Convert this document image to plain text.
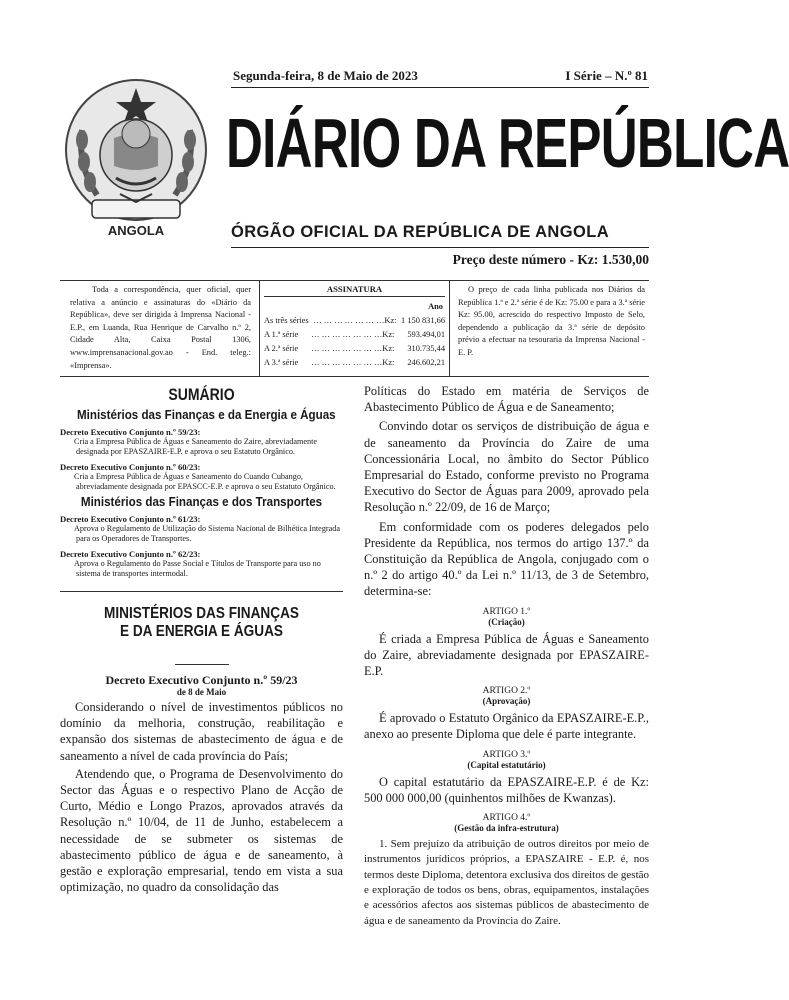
ANGOLA
Segunda-feira, 8 de Maio de 2023	I Série – N.º 81
DIÁRIO DA REPÚBLICA
ÓRGÃO OFICIAL DA REPÚBLICA DE ANGOLA
Preço deste número - Kz: 1.530,00
Toda a correspondência, quer oficial, quer relativa a anúncio e assinaturas do «Diário da República», deve ser dirigida à Imprensa Nacional - E.P., em Luanda, Rua Henrique de Carvalho n.º 2, Cidade Alta, Caixa Postal 1306, www.imprensanacional.gov.ao - End. teleg.: «Imprensa».
ASSINATURA
Ano
As três séries … … … … … … …Kz: 1 150 831,66
A 1.ª série … … … … … … …Kz: 593.494,01
A 2.ª série … … … … … … …Kz: 310.735,44
A 3.ª série … … … … … … …Kz: 246.602,21
O preço de cada linha publicada nos Diários da República 1.ª e 2.ª série é de Kz: 75.00 e para a 3.ª série Kz: 95.00, acrescido do respectivo Imposto de Selo, dependendo a publicação da 3.ª série de depósito prévio a efectuar na tesouraria da Imprensa Nacional - E. P.
SUMÁRIO
Ministérios das Finanças e da Energia e Águas
Decreto Executivo Conjunto n.º 59/23:
Cria a Empresa Pública de Águas e Saneamento do Zaire, abreviadamente designada por EPASZAIRE-E.P. e aprova o seu Estatuto Orgânico.
Decreto Executivo Conjunto n.º 60/23:
Cria a Empresa Pública de Águas e Saneamento do Cuando Cubango, abreviadamente designada por EPASCC-E.P. e aprova o seu Estatuto Orgânico.
Ministérios das Finanças e dos Transportes
Decreto Executivo Conjunto n.º 61/23:
Aprova o Regulamento de Utilização do Sistema Nacional de Bilhética Integrada para os Operadores de Transportes.
Decreto Executivo Conjunto n.º 62/23:
Aprova o Regulamento do Passe Social e Títulos de Transporte para uso no sistema de transportes intermodal.
MINISTÉRIOS DAS FINANÇAS
E DA ENERGIA E ÁGUAS
Decreto Executivo Conjunto n.º 59/23
de 8 de Maio

Considerando o nível de investimentos públicos no domínio da melhoria, construção, reabilitação e expansão dos sistemas de abastecimento de água e de saneamento a nível de cada província do País;

Atendendo que, o Programa de Desenvolvimento do Sector das Águas e o respectivo Plano de Acção de Curto, Médio e Longo Prazos, aprovados através da Resolução n.º 10/04, de 11 de Junho, estabelecem a necessidade de se submeter os sistemas de abastecimento público de água e de saneamento, à gestão e exploração empresarial, tendo em vista a sua optimização, no quadro da consolidação das

Políticas do Estado em matéria de Serviços de Abastecimento Público de Água e de Saneamento;

Convindo dotar os serviços de distribuição de água e de saneamento da Província do Zaire de uma Concessionária Local, no âmbito do Sector Público Empresarial do Estado, conforme previsto no Programa Executivo do Sector de Águas para 2009, aprovado pela Resolução n.º 22/09, de 16 de Março;

Em conformidade com os poderes delegados pelo Presidente da República, nos termos do artigo 137.º da Constituição da República de Angola, conjugado com o n.º 2 do artigo 40.º da Lei n.º 11/13, de 3 de Setembro, determina-se:

ARTIGO 1.º
(Criação)

É criada a Empresa Pública de Águas e Saneamento do Zaire, abreviadamente designada por EPASZAIRE-E.P.

ARTIGO 2.º
(Aprovação)

É aprovado o Estatuto Orgânico da EPASZAIRE-E.P., anexo ao presente Diploma que dele é parte integrante.

ARTIGO 3.º
(Capital estatutário)

O capital estatutário da EPASZAIRE-E.P. é de Kz: 500 000 000,00 (quinhentos milhões de Kwanzas).

ARTIGO 4.º
(Gestão da infra-estrutura)

1. Sem prejuízo da atribuição de outros direitos por meio de instrumentos jurídicos próprios, a EPASZAIRE - E.P. é, nos termos deste Diploma, detentora exclusiva dos direitos de gestão e exploração de todos os bens, obras, equipamentos, instalações e acessórios afectos aos sistemas públicos de abastecimento de água e de saneamento da Província do Zaire.
